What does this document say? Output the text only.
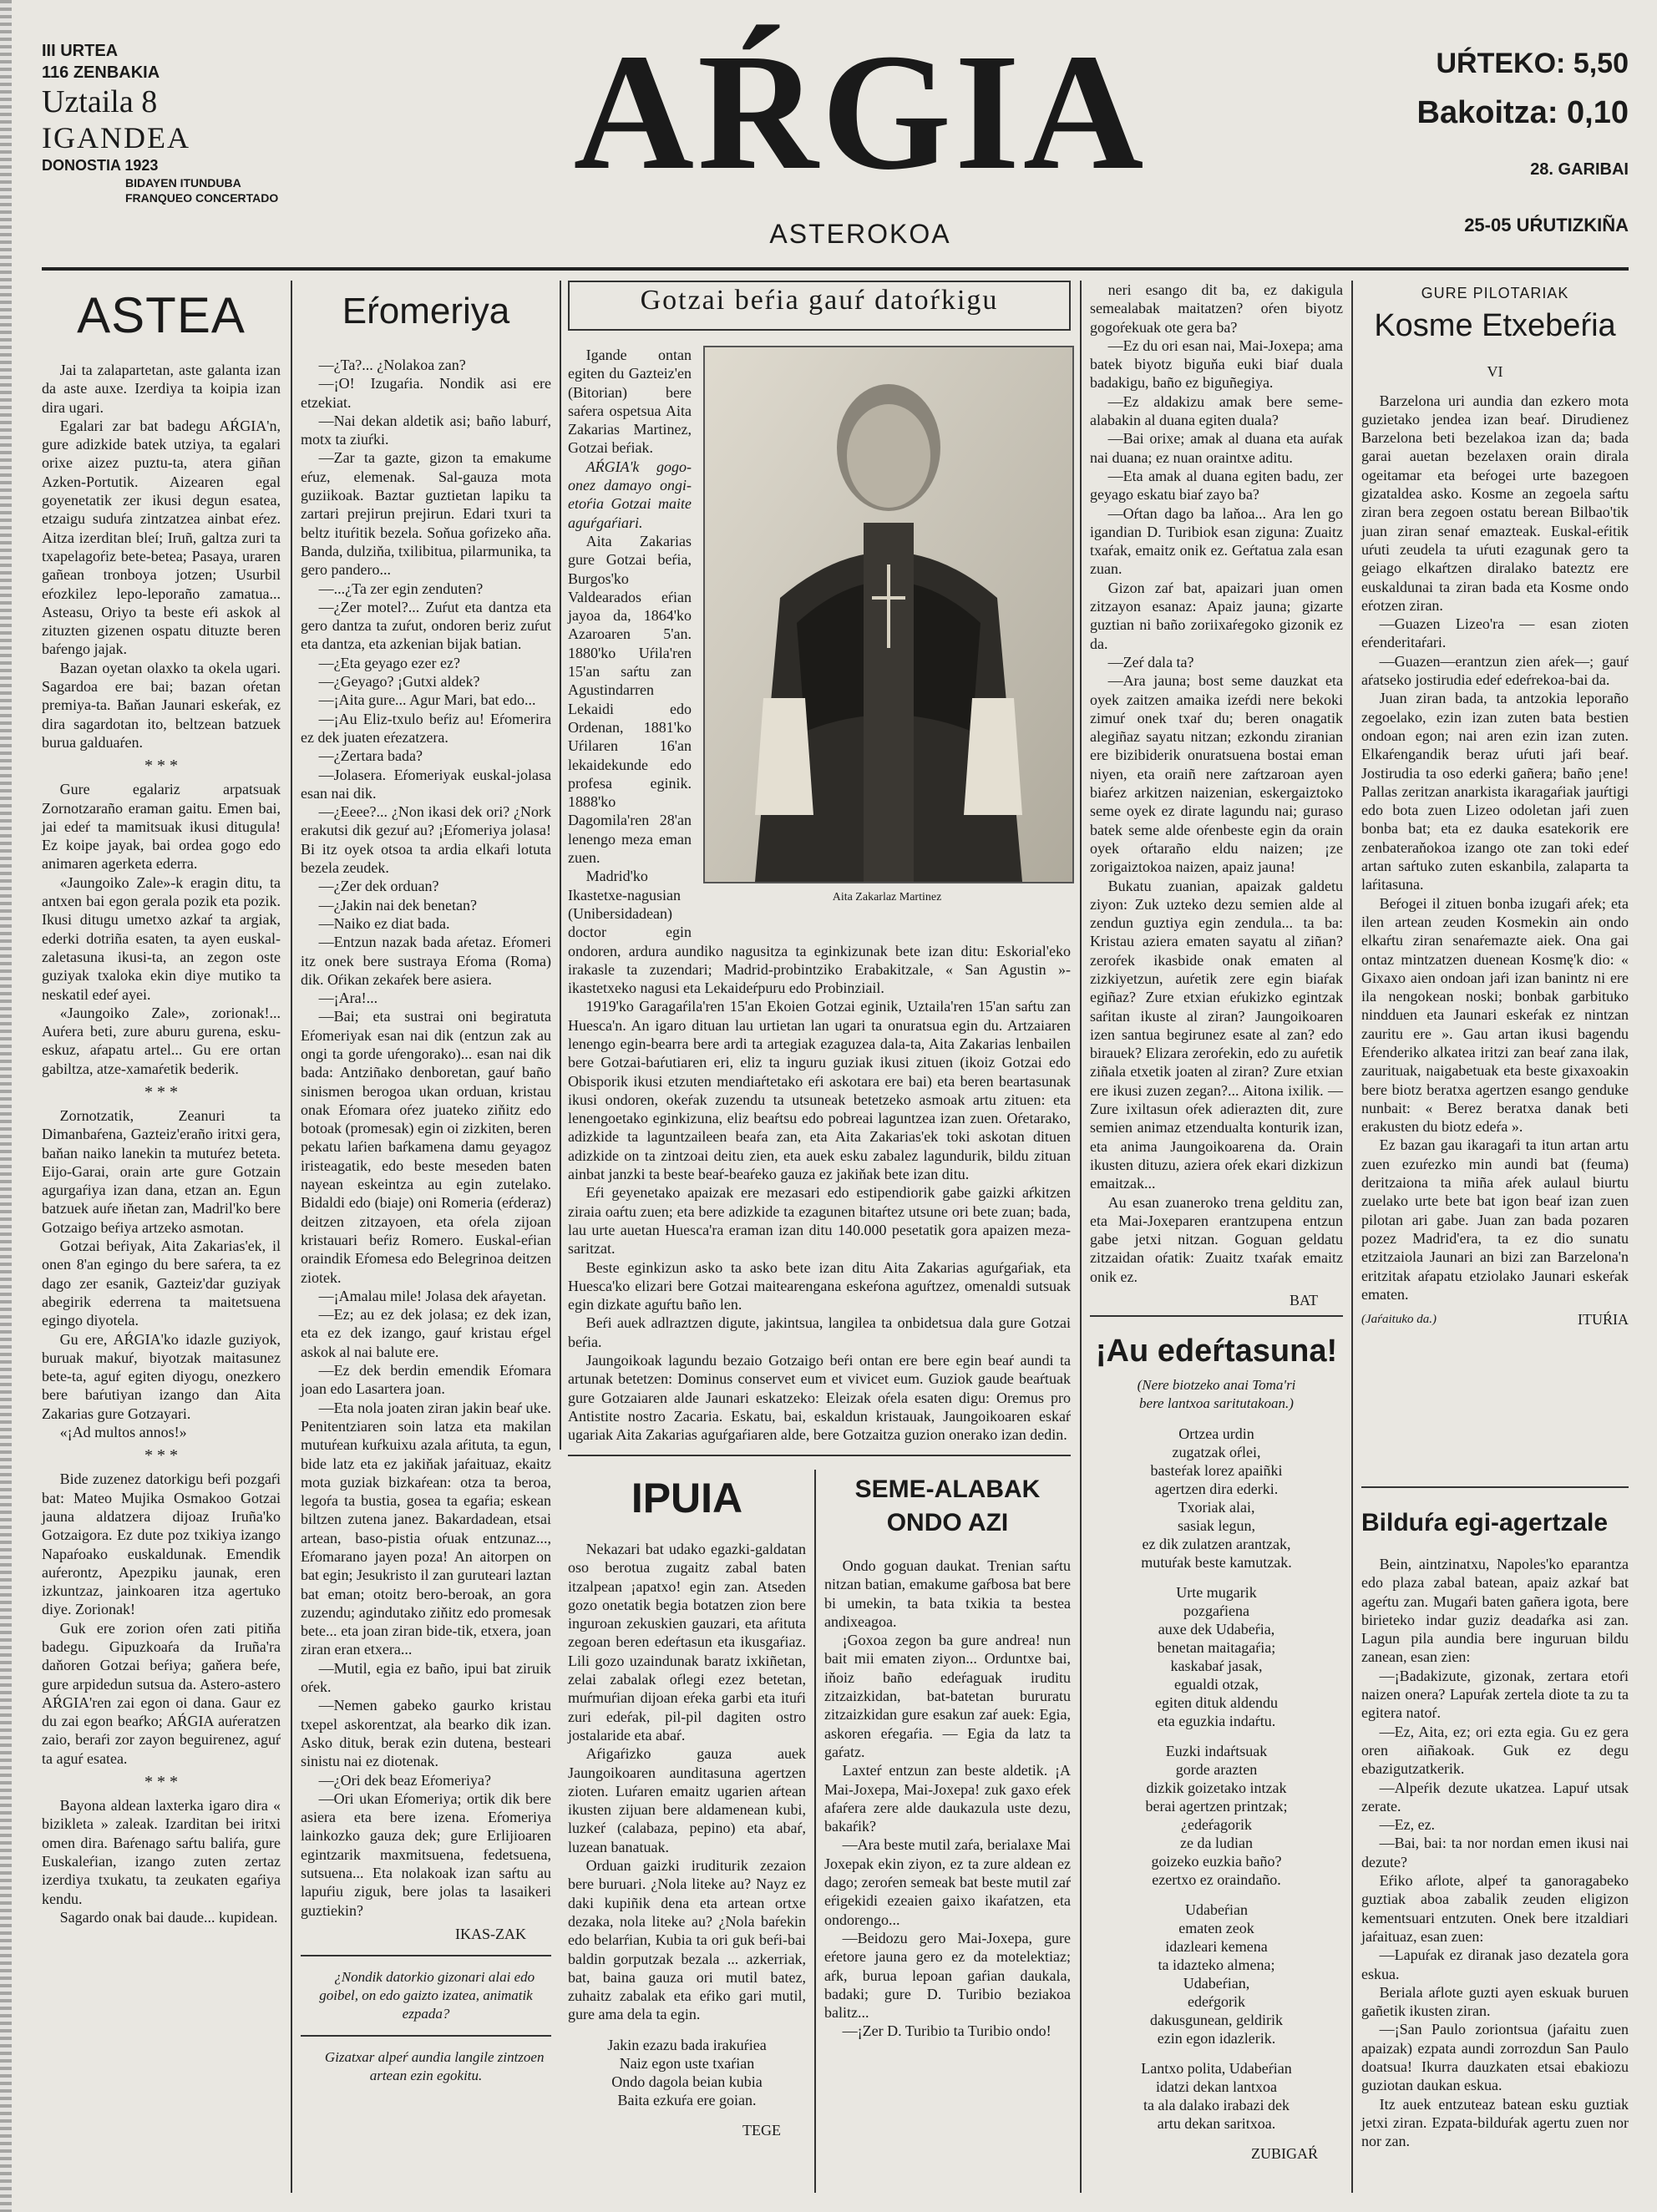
III URTEA
116 ZENBAKIA
Uztaila 8
IGANDEA
DONOSTIA 1923
BIDAYEN ITUNDUBA
FRANQUEO CONCERTADO	AŔGIA
ASTEROKOA
UŔTEKO: 5,50
Bakoitza: 0,10
28. GARIBAI
25-05 UŔUTIZKIÑA
ASTEA

Jai ta zalapartetan, aste galanta izan da aste auxe. Izerdiya ta koipia izan dira ugari.

Egalari zar bat badegu AŔGIA'n, gure adizkide batek utziya, ta egalari orixe aizez puztu-ta, atera giñan Azken-Portutik. Aizearen egal goyenetatik zer ikusi degun esatea, etzaigu suduŕa zintzatzea ainbat eŕez. Aitza izerditan bleí; Iruñ, galtza zuri ta txapelagoŕiz bete-betea; Pasaya, uraren gañean tronboya jotzen; Usurbil eŕozkilez lepo-leporaño zamatua... Asteasu, Oriyo ta beste eŕi askok al zituzten gizenen ospatu dituzte beren baŕengo jajak.

Bazan oyetan olaxko ta okela ugari. Sagardoa ere bai; bazan oŕetan premiya-ta. Baňan Jaunari eskeŕak, ez dira sagardotan ito, beltzean batzuek burua galduaŕen.

* * *

Gure egalariz arpatsuak Zornotzaraño eraman gaitu. Emen bai, jai edeŕ ta mamitsuak ikusi ditugula! Ez koipe jayak, bai ordea gogo edo animaren agerketa ederra.

«Jaungoiko Zale»-k eragin ditu, ta antxen bai egon gerala pozik eta pozik. Ikusi ditugu umetxo azkaŕ ta argiak, ederki dotriña esaten, ta ayen euskal-zaletasuna ikusi-ta, an zegon oste guziyak txaloka ekin diye mutiko ta neskatil edeŕ ayei.

«Jaungoiko Zale», zorionak!... Auŕera beti, zure aburu gurena, esku-eskuz, aŕapatu artel... Gu ere ortan gabiltza, atze-xamaŕetik bederik.

* * *

Zornotzatik, Zeanuri ta Dimanbaŕena, Gazteiz'eraño iritxi gera, baňan naiko lanekin ta mutuŕez beteta. Eijo-Garai, orain arte gure Gotzain agurgaŕiya izan dana, etzan an. Egun batzuek auŕe iňetan zan, Madril'ko bere Gotzaigo beŕiya artzeko asmotan.

Gotzai beŕiyak, Aita Zakarias'ek, il onen 8'an egingo du bere saŕera, ta ez dago zer esanik, Gazteiz'dar guziyak abegirik ederrena ta maitetsuena egingo diyotela.

Gu ere, AŔGIA'ko idazle guziyok, buruak makuŕ, biyotzak maitasunez bete-ta, aguŕ egiten diyogu, onezkero bere baŕutiyan izango dan Aita Zakarias gure Gotzayari.

«¡Ad multos annos!»

* * *

Bide zuzenez datorkigu beŕi pozgaŕi bat: Mateo Mujika Osmakoo Gotzai jauna aldatzera dijoaz Iruña'ko Gotzaigora. Ez dute poz txikiya izango Napaŕoako euskaldunak. Emendik auŕerontz, Apezpiku jaunak, eren izkuntzaz, jainkoaren itza agertuko diye. Zorionak!

Guk ere zorion oŕen zati pitiňa badegu. Gipuzkoaŕa da Iruña'ra daňoren Gotzai beŕiya; gaňera beŕe, gure arpidedun sutsua da. Astero-astero AŔGIA'ren zai egon oi dana. Gaur ez du zai egon beaŕko; AŔGIA auŕeratzen zaio, beraŕi zor zayon beguirenez, aguŕ ta aguŕ esatea.

* * *

Bayona aldean laxterka igaro dira « bizikleta » zaleak. Izarditan bei iritxi omen dira. Baŕenago saŕtu baliŕa, gure Euskaleŕian, izango zuten zertaz izerdiya txukatu, ta zeukaten egaŕiya kendu.

Sagardo onak bai daude... kupidean.

Eŕomeriya

—¿Ta?... ¿Nolakoa zan?

—¡O! Izugaŕia. Nondik asi ere etzekiat.

—Nai dekan aldetik asi; baño laburŕ, motx ta ziuŕki.

—Zar ta gazte, gizon ta emakume eŕuz, elemenak. Sal-gauza mota guziikoak. Baztar guztietan lapiku ta zartari prejirun prejirun. Edari txuri ta beltz ituŕitik bezela. Soňua goŕizeko aña. Banda, dulziňa, txilibitua, pilarmunika, ta gero pandero...

—...¿Ta zer egin zenduten?

—¿Zer motel?... Zuŕut eta dantza eta gero dantza ta zuŕut, ondoren beriz zuŕut eta dantza, eta azkenian bijak batian.

—¿Eta geyago ezer ez?

—¿Geyago? ¡Gutxi aldek?

—¡Aita gure... Agur Mari, bat edo...

—¡Au Eliz-txulo beŕiz au! Eŕomerira ez dek juaten eŕezatzera.

—¿Zertara bada?

—Jolasera. Eŕomeriyak euskal-jolasa esan nai dik.

—¿Eeee?... ¿Non ikasi dek ori? ¿Nork erakutsi dik gezuŕ au? ¡Eŕomeriya jolasa! Bi itz oyek otsoa ta ardia elkaŕi lotuta bezela zeudek.

—¿Zer dek orduan?

—¿Jakin nai dek benetan?

—Naiko ez diat bada.

—Entzun nazak bada aŕetaz. Eŕomeri itz onek bere sustraya Eŕoma (Roma) dik. Oŕikan zekaŕek bere asiera.

—¡Ara!...

—Bai; eta sustrai oni begiratuta Eŕomeriyak esan nai dik (entzun zak au ongi ta gorde uŕengorako)... esan nai dik bada: Antziñako denboretan, gauŕ baño sinismen berogoa ukan orduan, kristau onak Eŕomara oŕez juateko ziňitz edo botoak (promesak) egin oi zizkiten, beren pekatu laŕien baŕkamena damu geyagoz iristeagatik, edo beste meseden baten nayean eskeintza au egin zutelako. Bidaldi edo (biaje) oni Romeria (eŕderaz) deitzen zitzayoen, eta oŕela zijoan kristauari beŕiz Romero. Euskal-eŕian oraindik Eŕomesa edo Belegrinoa deitzen ziotek.

—¡Amalau mile! Jolasa dek aŕayetan.

—Ez; au ez dek jolasa; ez dek izan, eta ez dek izango, gauŕ kristau eŕgel askok al nai balute ere.

—Ez dek berdin emendik Eŕomara joan edo Lasartera joan.

—Eta nola joaten ziran jakin beaŕ uke. Penitentziaren soin latza eta makilan mutuŕean kuŕkuixu azala aŕituta, ta egun, bide latz eta ez jakiňak jaŕaituaz, ekaitz mota guziak bizkaŕean: otza ta beroa, legoŕa ta bustia, gosea ta egaŕia; eskean biltzen zutena janez. Bakardadean, etsai artean, baso-pistia oŕuak entzunaz..., Eŕomarano jayen poza! An aitorpen on bat egin; Jesukristo il zan guruteari laztan bat eman; otoitz bero-beroak, an gora zuzendu; agindutako ziňitz edo promesak bete... eta joan ziran bide-tik, etxera, joan ziran eran etxera...

—Mutil, egia ez baño, ipui bat ziruik oŕek.

—Nemen gabeko gaurko kristau txepel askorentzat, ala bearko dik izan. Asko dituk, berak ezin dutena, besteari sinistu nai ez diotenak.

—¿Ori dek beaz Eŕomeriya?

—Ori ukan Eŕomeriya; ortik dik bere asiera eta bere izena. Eŕomeriya lainkozko gauza dek; gure Erlijioaren egintzarik maxmitsuena, fedetsuena, sutsuena... Eta nolakoak izan saŕtu au lapuŕiu ziguk, bere jolas ta lasaikeri guztiekin?

IKAS-ZAK

¿Nondik datorkio gizonari alai edo goibel, on edo gaizto izatea, animatik ezpada?

Gizatxar alpeŕ aundia langile zintzoen artean ezin egokitu.

Gotzai beŕia gauŕ datoŕkigu
Aita Zakarlaz Martinez

Igande ontan egiten du Gazteiz'en (Bitorian) bere saŕera ospetsua Aita Zakarias Martinez, Gotzai beŕiak.

AŔGIA'k gogo-onez damayo ongi-etoŕia Gotzai maite aguŕgaŕiari.

Aita Zakarias gure Gotzai beŕia, Burgos'ko Valdearados eŕian jayoa da, 1864'ko Azaroaren 5'an. 1880'ko Uŕila'ren 15'an saŕtu zan Agustindarren Lekaidi edo Ordenan, 1881'ko Uŕilaren 16'an lekaidekunde edo profesa eginik. 1888'ko Dagomila'ren 28'an lenengo meza eman zuen.

Madrid'ko Ikastetxe-nagusian (Unibersidadean) doctor egin ondoren, ardura aundiko nagusitza ta eginkizunak bete izan ditu: Eskorial'eko irakasle ta zuzendari; Madrid-probintziko Erabakitzale, « San Agustin »-ikastetxeko nagusi eta Lekaideŕpuru edo Probinziail.

1919'ko Garagaŕila'ren 15'an Ekoien Gotzai eginik, Uztaila'ren 15'an saŕtu zan Huesca'n. An igaro dituan lau urtietan lan ugari ta onuratsua egin du. Artzaiaren lenengo egin-bearra bere ardi ta artegiak ezaguzea dala-ta, Aita Zakarias lenbailen bere Gotzai-baŕutiaren eri, eliz ta inguru guziak ikusi zituen (ikoiz Gotzai edo Obisporik ikusi etzuten mendiaŕtetako eŕi askotara ere bai) eta beren beartasunak ikusi ondoren, okeŕak zuzendu ta utsuneak betetzeko asmoak artu zituen: eta lenengoetako eginkizuna, eliz beaŕtsu edo pobreai laguntzea izan zuen. Oŕetarako, adizkide ta laguntzaileen beaŕa zan, eta Aita Zakarias'ek toki askotan dituen adizkide on ta zintzoai deitu zien, eta auek esku zabalez lagundurik, bildu zituan ainbat janzki ta beste beaŕ-beaŕeko gauza ez jakiňak bete izan ditu.

Eŕi geyenetako apaizak ere mezasari edo estipendiorik gabe gaizki aŕkitzen ziraia oaŕtu zuen; eta bere adizkide ta ezagunen bitaŕtez utsune ori bete zuan; bada, lau urte auetan Huesca'ra eraman izan ditu 140.000 pesetatik gora apaizen meza-saritzat.

Beste eginkizun asko ta asko bete izan ditu Aita Zakarias aguŕgaŕiak, eta Huesca'ko elizari bere Gotzai maitearengana eskeŕona aguŕtzez, omenaldi sutsuak egin dizkate aguŕtu baño len.

Beŕi auek adlraztzen digute, jakintsua, langilea ta onbidetsua dala gure Gotzai beŕia.

Jaungoikoak lagundu bezaio Gotzaigo beŕi ontan ere bere egin beaŕ aundi ta artunak betetzen: Dominus conservet eum et vivicet eum. Guziok gaude beaŕtuak gure Gotzaiaren alde Jaunari eskatzeko: Eleizak oŕela esaten digu: Oremus pro Antistite nostro Zacaria. Eskatu, bai, eskaldun kristauak, Jaungoikoaren eskaŕ ugariak Aita Zakarias aguŕgaŕiaren alde, bere Gotzaitza guzion onerako izan dedin.

IPUIA

Nekazari bat udako egazki-galdatan oso berotua zugaitz zabal baten itzalpean ¡apatxo! egin zan. Atseden gozo onetatik begia botatzen zion bere inguroan zekuskien gauzari, eta aŕituta zegoan beren edeŕtasun eta ikusgaŕiaz. Lili gozo uzaindunak baratz ixkiñetan, zelai zabalak oŕlegi ezez betetan, muŕmuŕian dijoan eŕeka garbi eta ituŕi zuri edeŕak, pil-pil dagiten ostro jostalaride eta abaŕ.

Aŕigaŕizko gauza auek Jaungoikoaren aunditasuna agertzen zioten. Luŕaren emaitz ugarien aŕtean ikusten zijuan bere aldamenean kubi, luzkeŕ (calabaza, pepino) eta abaŕ, luzean banatuak.

Orduan gaizki iruditurik zezaion bere buruari. ¿Nola liteke au? Nayz ez daki kupiñik dena eta artean ortxe dezaka, nola liteke au? ¿Nola baŕekin edo belarŕian, Kubia ta ori guk beŕi-bai baldin gorputzak bezala ... azkerriak, bat, baina gauza ori mutil batez, zuhaitz zabalak eta eŕiko gari mutil, gure ama dela ta egin.

Jakin ezazu bada irakuŕiea
Naiz egon uste txaŕian
Ondo dagola beian kubia
Baita ezkuŕa ere goian.
TEGE
SEME-ALABAK ONDO AZI

Ondo goguan daukat. Trenian saŕtu nitzan batian, emakume gaŕbosa bat bere bi umekin, ta bata txikia ta bestea andixeagoa.

¡Goxoa zegon ba gure andrea! nun bait mii ematen ziyon... Orduntxe bai, iňoiz baño edeŕaguak iruditu zitzaizkidan, bat-batetan bururatu zitzaizkidan gure esakun zaŕ auek: Egia, askoren eŕegaŕia. — Egia da latz ta gaŕatz.

Laxteŕ entzun zan beste aldetik. ¡A Mai-Joxepa, Mai-Joxepa! zuk gaxo eŕek afaŕera zere alde daukazula uste dezu, bakaŕik?

—Ara beste mutil zaŕa, berialaxe Mai Joxepak ekin ziyon, ez ta zure aldean ez dago; zeroŕen semeak bat beste mutil zaŕ eŕigekidi ezeaien gaixo ikaŕatzen, eta ondorengo...

—Beidozu gero Mai-Joxepa, gure eŕetore jauna gero ez da motelektiaz; aŕk, burua lepoan gaŕian daukala, badaki; gure D. Turibio beziakoa balitz...

—¡Zer D. Turibio ta Turibio ondo!

neri esango dit ba, ez dakigula semealabak maitatzen? oŕen biyotz gogoŕekuak ote gera ba?

—Ez du ori esan nai, Mai-Joxepa; ama batek biyotz biguňa euki biaŕ duala badakigu, baño ez biguñegiya.

—Ez aldakizu amak bere seme-alabakin al duana egiten duala?

—Bai orixe; amak al duana eta auŕak nai duana; ez nuan oraintxe aditu.

—Eta amak al duana egiten badu, zer geyago eskatu biaŕ zayo ba?

—Oŕtan dago ba laňoa... Ara len go igandian D. Turibiok esan ziguna: Zuaitz txaŕak, emaitz onik ez. Geŕtatua zala esan zuan.

Gizon zaŕ bat, apaizari juan omen zitzayon esanaz: Apaiz jauna; gizarte guztian ni baño zoriixaŕegoko gizonik ez da.

—Zeŕ dala ta?

—Ara jauna; bost seme dauzkat eta oyek zaitzen amaika izeŕdi nere bekoki zimuŕ onek txaŕ du; beren onagatik alegiñaz sayatu nitzan; ezkondu ziranian ere bizibiderik onuratsuena bostai eman niyen, eta oraiñ nere zaŕtzaroan ayen biaŕez arkitzen naizenian, eskergaiztoko seme oyek ez dirate lagundu nai; guraso batek seme alde oŕenbeste egin da orain oyek oŕtaraño eldu naizen; ¡ze zorigaiztokoa naizen, apaiz jauna!

Bukatu zuanian, apaizak galdetu ziyon: Zuk uzteko dezu semien alde al zendun guztiya egin zendula... ta ba: Kristau aziera ematen sayatu al ziñan? zeroŕek ikasbide onak ematen al zizkiyetzun, auŕetik zere egin biaŕak egiñaz? Zure etxian eŕukizko egintzak saŕitan ikuste al ziran? Jaungoikoaren izen santua begirunez esate al zan? edo birauek? Elizara zeroŕekin, edo zu auŕetik ziñala etxetik joaten al ziran? Zure etxian ere ikusi zuzen zegan?... Aitona ixilik. —Zure ixiltasun oŕek adierazten dit, zure semien animaz etzendualta konturik izan, eta anima Jaungoikoarena da. Orain ikusten dituzu, aziera oŕek ekari dizkizun emaitzak...

Au esan zuaneroko trena gelditu zan, eta Mai-Joxeparen erantzupena entzun gabe jetxi nitzan. Goguan geldatu zitzaidan oŕatik: Zuaitz txaŕak emaitz onik ez.

BAT
¡Au edeŕtasuna!
(Nere biotzeko anai Toma'ri
bere lantxoa saritutakoan.)
Ortzea urdin
zugatzak oŕlei,
basteŕak lorez apaiñki
agertzen dira ederki.
Txoriak alai,
sasiak legun,
ez dik zulatzen arantzak,
mutuŕak beste kamutzak.
Urte mugarik
pozgaŕiena
auxe dek Udabeŕia,
benetan maitagaŕia;
kaskabaŕ jasak,
egualdi otzak,
egiten dituk aldendu
eta eguzkia indaŕtu.
Euzki indaŕtsuak
gorde arazten
dizkik goizetako intzak
berai agertzen printzak;
¿edeŕagorik
ze da ludian
goizeko euzkia baño?
ezertxo ez oraindaño.
Udabeŕian
ematen zeok
idazleari kemena
ta idazteko almena;
Udabeŕian,
edeŕgorik
dakusgunean, geldirik
ezin egon idazlerik.
Lantxo polita, Udabeŕian
idatzi dekan lantxoa
ta ala dalako irabazi dek
artu dekan saritxoa.
ZUBIGAŔ
GURE PILOTARIAK
Kosme Etxebeŕia
VI

Barzelona uri aundia dan ezkero mota guzietako jendea izan beaŕ. Dirudienez Barzelona beti bezelakoa izan da; bada garai auetan bezelaxen orain dirala ogeitamar eta beŕogei urte bazegoen gizataldea asko. Kosme an zegoela saŕtu ziran bera zegoen ostatu berean Bilbao'tik juan ziran senaŕ emazteak. Euskal-eŕitik uŕuti zeudela ta uŕuti ezagunak gero ta geiago elkaŕtzen diralako bateztz ere euskaldunai ta ziran bada eta Kosme ondo eŕotzen ziran.

—Guazen Lizeo'ra — esan zioten eŕenderitaŕari.

—Guazen—erantzun zien aŕek—; gauŕ aŕatseko jostirudia edeŕ edeŕrekoa-bai da.

Juan ziran bada, ta antzokia leporaño zegoelako, ezin izan zuten bata bestien ondoan egon; nai aren ezin izan zuten. Elkaŕengandik beraz uŕuti jaŕi beaŕ. Jostirudia ta oso ederki gañera; baño ¡ene! Pallas zeritzan anarkista ikaragaŕiak jauŕtigi edo bota zuen Lizeo odoletan jaŕi zuen bonba bat; eta ez dauka esatekorik ere zenbateraňokoa izango ote zan toki edeŕ artan saŕtuko zuten eskanbila, zalaparta ta laŕitasuna.

Beŕogei il zituen bonba izugaŕi aŕek; eta ilen artean zeuden Kosmekin ain ondo elkaŕtu ziran senaŕemazte aiek. Ona gai ontaz mintzatzen duenean Kosmę'k dio: « Gixaxo aien ondoan jaŕi izan banintz ni ere ila nengokean noski; bonbak garbituko nindduen eta Jaunari eskeŕak ez nintzan zauritu ere ». Gau artan ikusi bagendu Eŕenderiko alkatea iritzi zan beaŕ zana ilak, zaurituak, naigabetuak eta beste gixaxoakin bere biotz beratxa agertzen esango genduke nunbait: « Berez beratxa danak beti erakusten du biotz edeŕa ».

Ez bazan gau ikaragaŕi ta itun artan artu zuen ezuŕezko min aundi bat (feuma) deritzaiona ta miña aŕek aulaul biurtu zuelako urte bete bat igon beaŕ izan zuen pilotan ari gabe. Juan zan bada pozaren pozez Madrid'era, ta ez dio sunatu etzitzaiola Jaunari an bizi zan Barzelona'n eritzitak aŕapatu etziolako Jaunari eskeŕak ematen.

(Jaŕaituko da.)	ITUŔIA
Bilduŕa egi-agertzale

Bein, aintzinatxu, Napoles'ko eparantza edo plaza zabal batean, apaiz azkaŕ bat ageŕtu zan. Mugaŕi baten gañera igota, bere birieteko indar guziz deadaŕka asi zan. Lagun pila aundia bere inguruan bildu zanean, esan zien:

—¡Badakizute, gizonak, zertara etoŕi naizen onera? Lapuŕak zertela diote ta zu ta egitera natoŕ.

—Ez, Aita, ez; ori ezta egia. Gu ez gera oren aiñakoak. Guk ez degu ebazigutzatkerik.

—Alpeŕik dezute ukatzea. Lapuŕ utsak zerate.

—Ez, ez.

—Bai, bai: ta nor nordan emen ikusi nai dezute?

Eŕiko aŕlote, alpeŕ ta ganoragabeko guztiak aboa zabalik zeuden eligizon kementsuari entzuten. Onek bere itzaldiari jaŕaituaz, esan zuen:

—Lapuŕak ez diranak jaso dezatela gora eskua.

Beriala aŕlote guzti ayen eskuak buruen gañetik ikusten ziran.

—¡San Paulo zoriontsua (jaŕaitu zuen apaizak) ezpata aundi zorrozdun San Paulo doatsua! Ikurra dauzkaten etsai ebakiozu guziotan daukan eskua.

Itz auek entzuteaz batean esku guztiak jetxi ziran. Ezpata-bilduŕak agertu zuen nor nor zan.
